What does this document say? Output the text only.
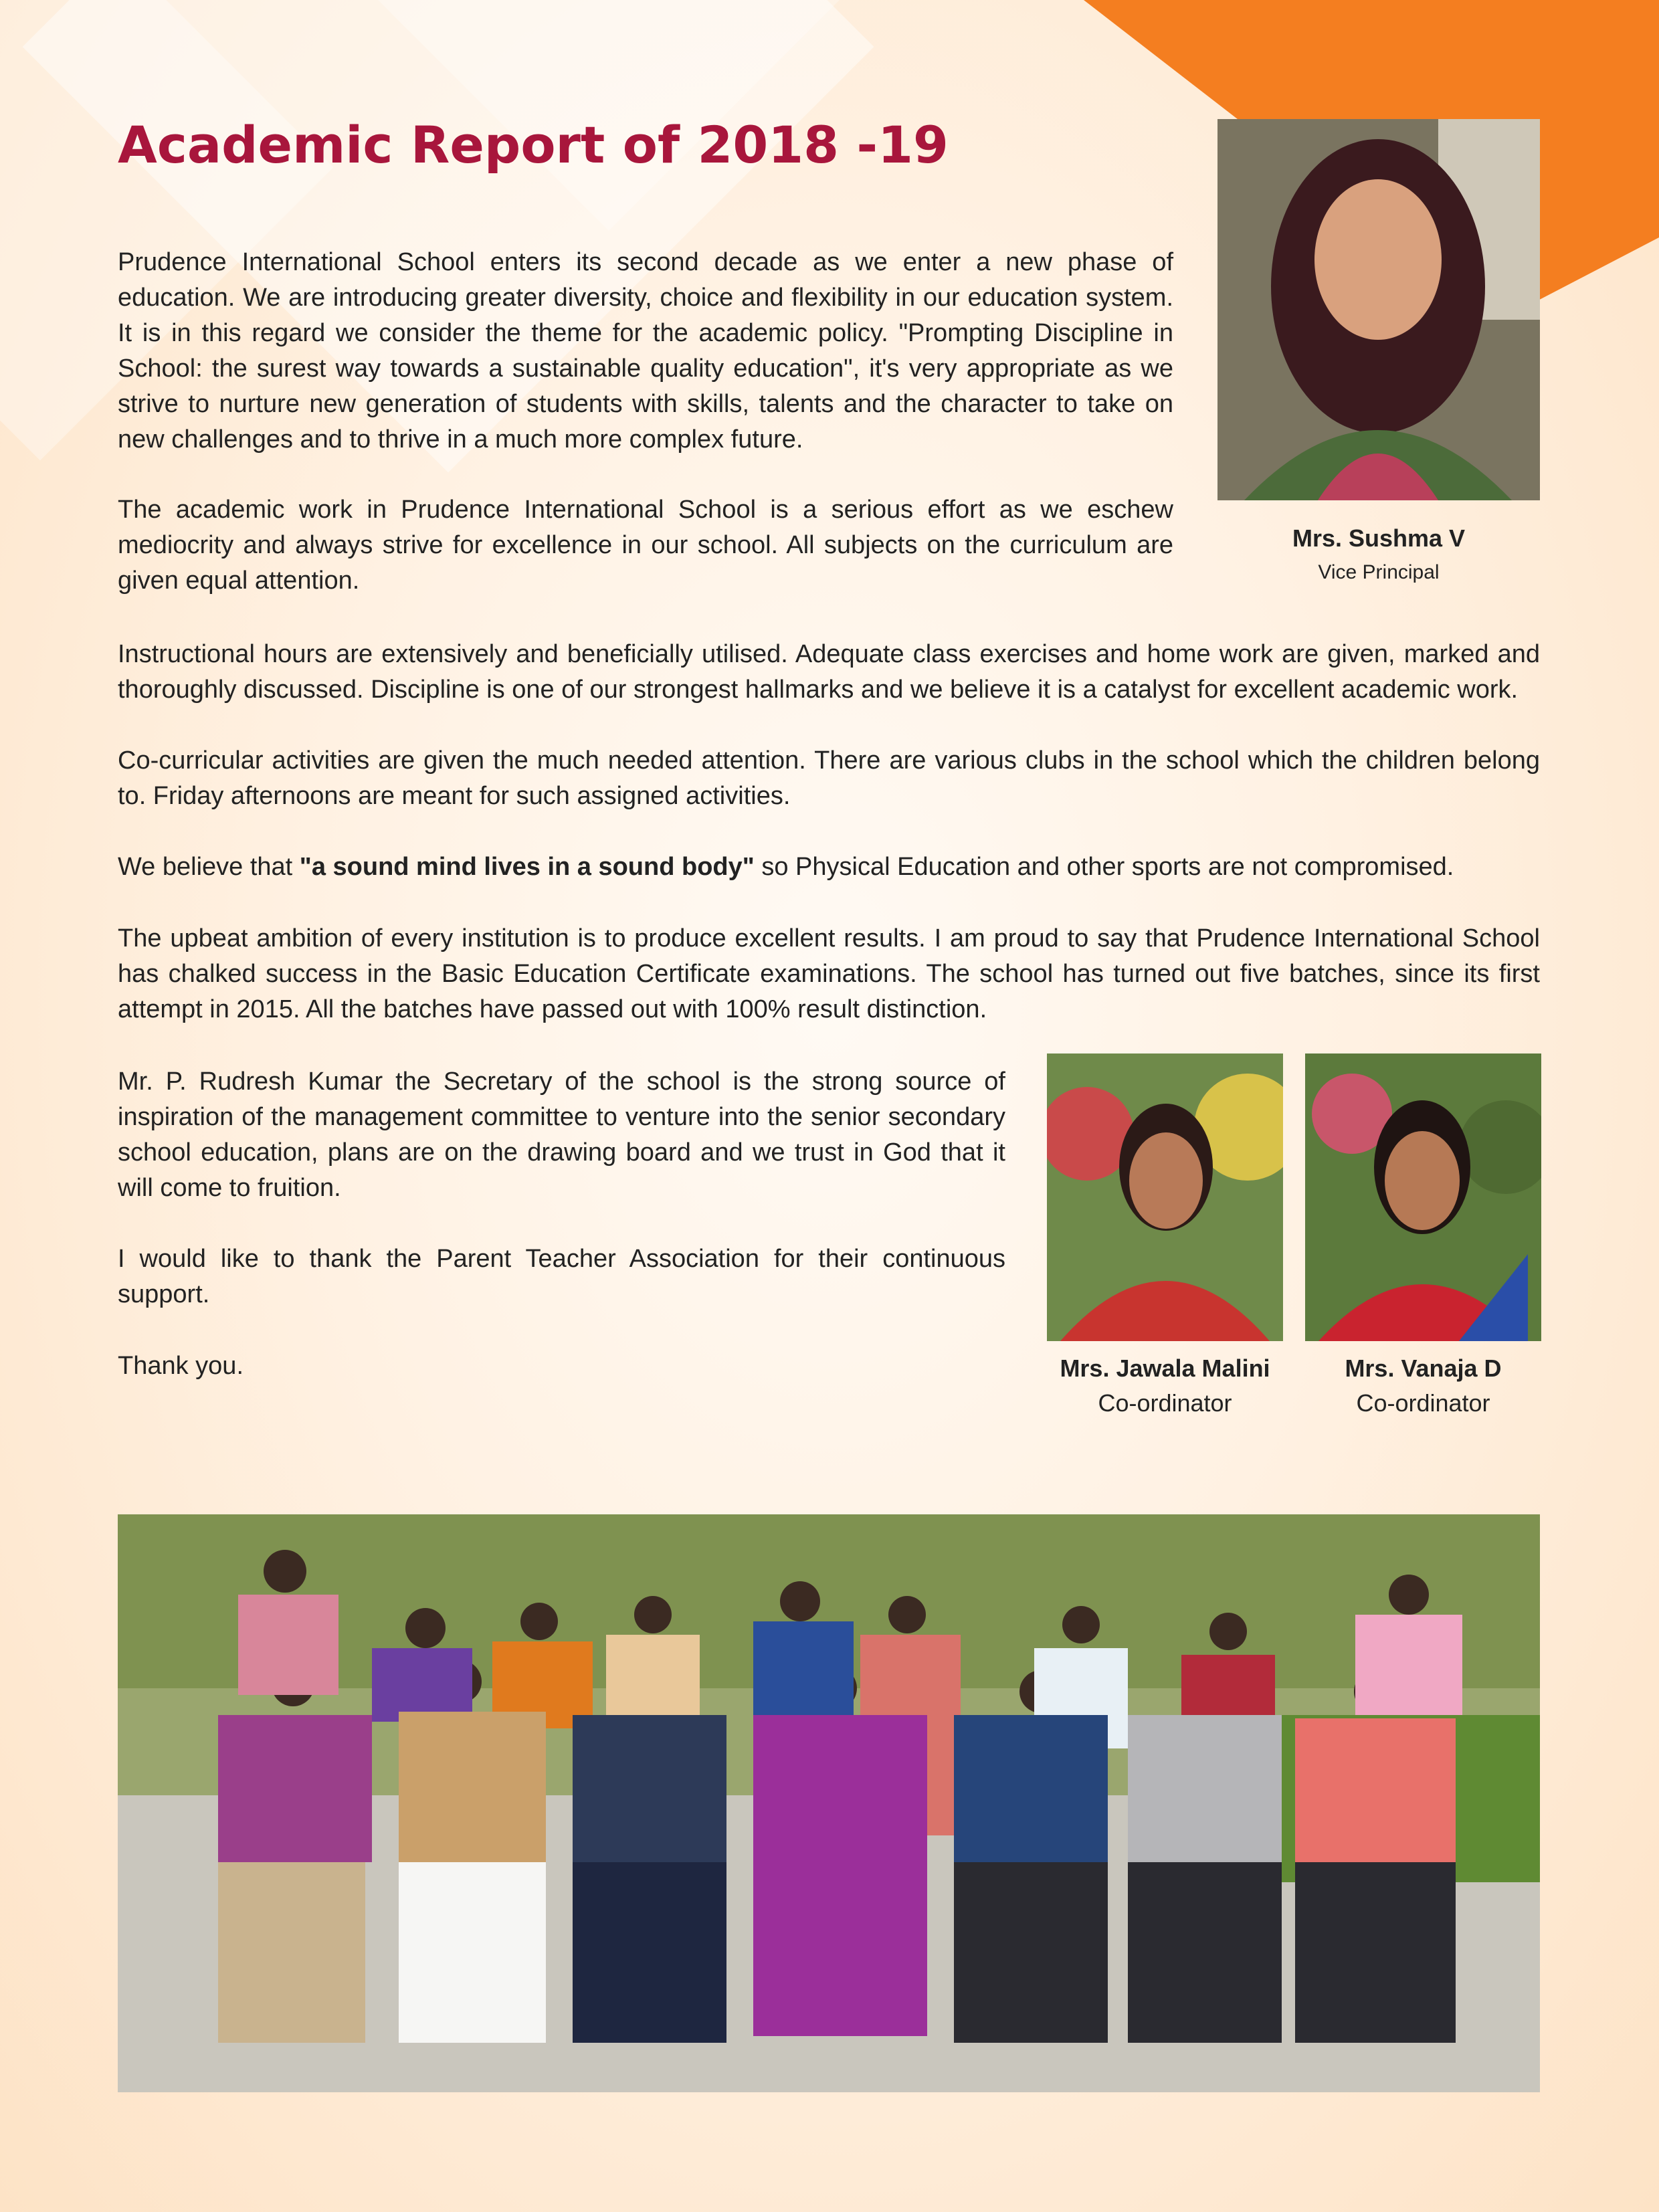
Academic Report of 2018 -19

Mrs. Sushma V

Vice Principal

Prudence International School enters its second decade as we enter a new phase of education. We are introducing greater diversity, choice and flexibility in our education system. It is in this regard we consider the theme for the academic policy. "Prompting Discipline in School: the surest way towards a sustainable quality education", it's very appropriate as we strive to nurture new generation of students with skills, talents and the character to take on new challenges and to thrive in a much more complex future.

The academic work in Prudence International School is a serious effort as we eschew mediocrity and always strive for excellence in our school. All subjects on the curriculum are given equal attention.

Instructional hours are extensively and beneficially utilised. Adequate class exercises and home work are given, marked and thoroughly discussed. Discipline is one of our strongest hallmarks and we believe it is a catalyst for excellent academic work.

Co-curricular activities are given the much needed attention. There are various clubs in the school which the children belong to. Friday afternoons are meant for such assigned activities.

We believe that "a sound mind lives in a sound body" so Physical Education and other sports are not compromised.

The upbeat ambition of every institution is to produce excellent results. I am proud to say that Prudence International School has chalked success in the Basic Education Certificate examinations. The school has turned out five batches, since its first attempt in 2015. All the batches have passed out with 100% result distinction.

Mr. P. Rudresh Kumar the Secretary of the school is the strong source of inspiration of the management committee to venture into the senior secondary school education, plans are on the drawing board and we trust in God that it will come to fruition.

I would like to thank the Parent Teacher Association for their continuous support.

Thank you.	Mrs. Jawala Malini

Co-ordinator

Mrs. Vanaja D

Co-ordinator
